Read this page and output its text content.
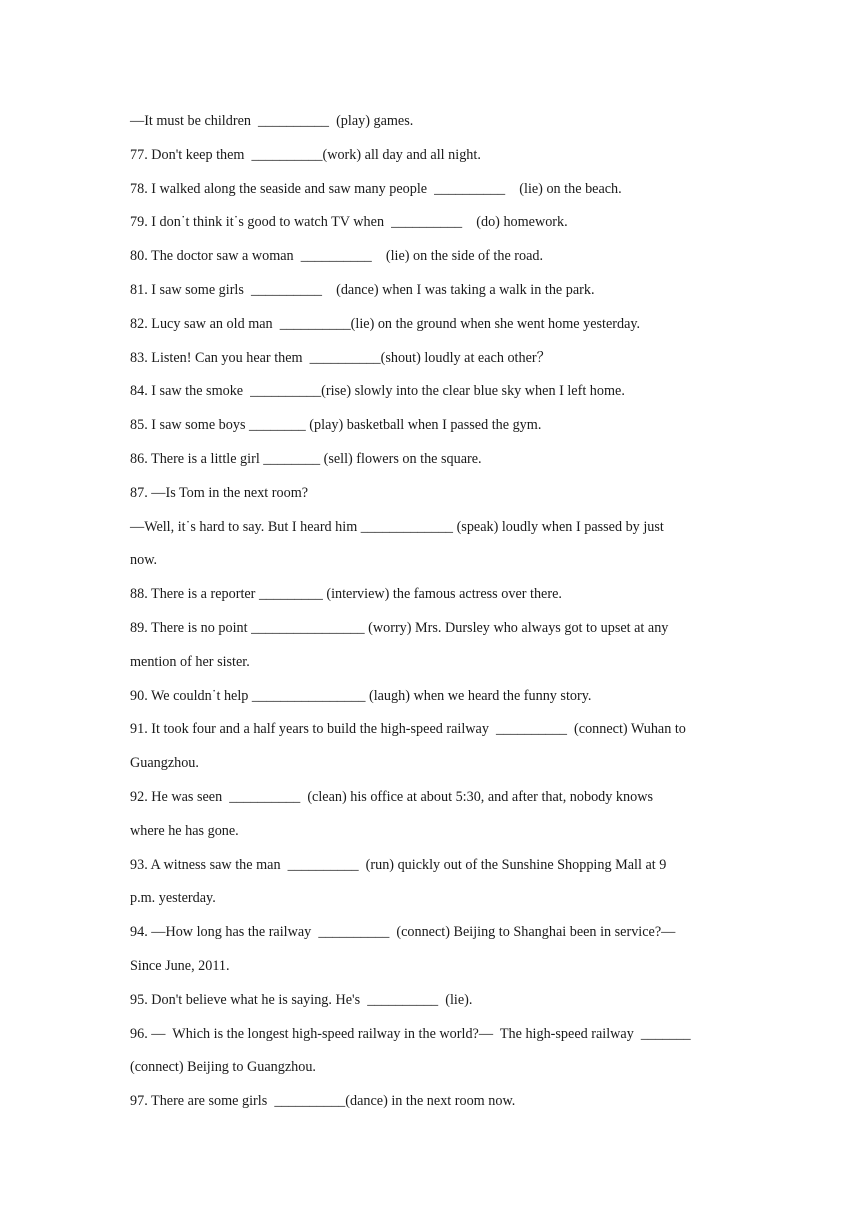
—It must be children  __________  (play) games.
77. Don't keep them  __________(work) all day and all night.
78. I walked along the seaside and saw many people  __________    (lie) on the beach.
79. I don˙t think it˙s good to watch TV when  __________    (do) homework.
80. The doctor saw a woman  __________    (lie) on the side of the road.
81. I saw some girls  __________    (dance) when I was taking a walk in the park.
82. Lucy saw an old man  __________(lie) on the ground when she went home yesterday.
83. Listen! Can you hear them  __________(shout) loudly at each other？
84. I saw the smoke  __________(rise) slowly into the clear blue sky when I left home.
85. I saw some boys ________ (play) basketball when I passed the gym.
86. There is a little girl ________ (sell) flowers on the square.
87. —Is Tom in the next room?
—Well, it˙s hard to say. But I heard him _____________ (speak) loudly when I passed by just
now.
88. There is a reporter _________ (interview) the famous actress over there.
89. There is no point ________________ (worry) Mrs. Dursley who always got to upset at any
mention of her sister.
90. We couldn˙t help ________________ (laugh) when we heard the funny story.
91. It took four and a half years to build the high-speed railway  __________  (connect) Wuhan to
Guangzhou.
92. He was seen  __________  (clean) his office at about 5:30, and after that, nobody knows
where he has gone.
93. A witness saw the man  __________  (run) quickly out of the Sunshine Shopping Mall at 9
p.m. yesterday.
94. —How long has the railway  __________  (connect) Beijing to Shanghai been in service?—
Since June, 2011.
95. Don't believe what he is saying. He's  __________  (lie).
96. —  Which is the longest high-speed railway in the world?—  The high-speed railway  _______
(connect) Beijing to Guangzhou.
97. There are some girls  __________(dance) in the next room now.
